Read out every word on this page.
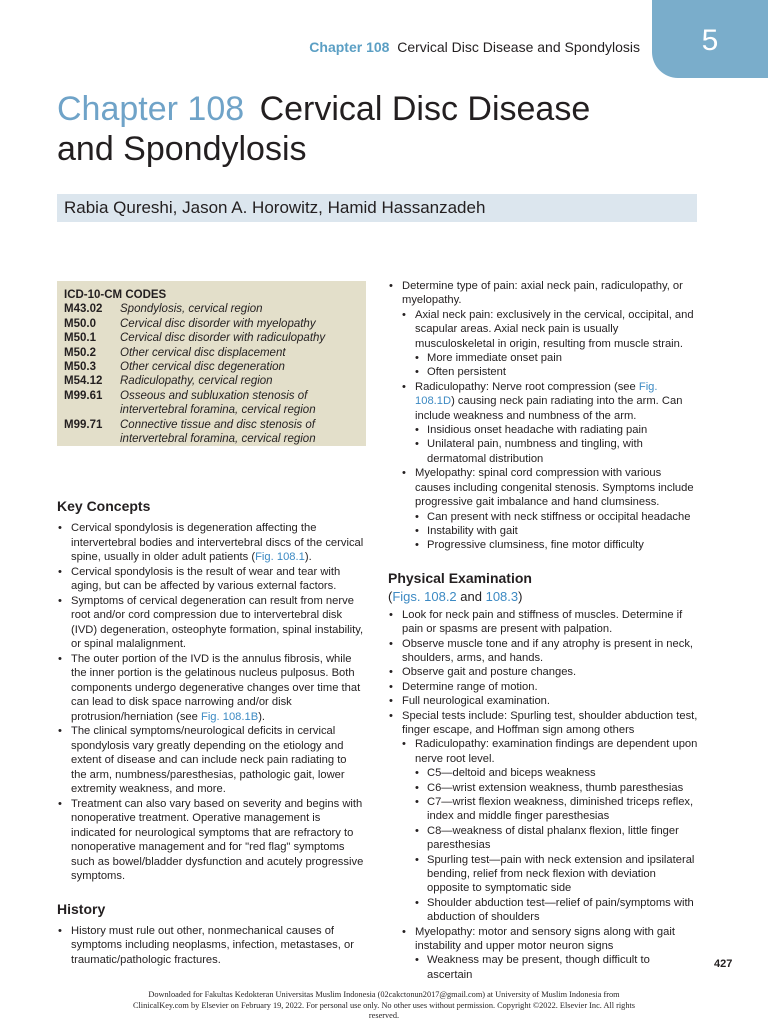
Chapter 108 Cervical Disc Disease and Spondylosis	5
Chapter 108 Cervical Disc Disease
and Spondylosis
Rabia Qureshi, Jason A. Horowitz, Hamid Hassanzadeh
ICD-10-CM CODES
M43.02	Spondylosis, cervical region
M50.0	Cervical disc disorder with myelopathy
M50.1	Cervical disc disorder with radiculopathy
M50.2	Other cervical disc displacement
M50.3	Other cervical disc degeneration
M54.12	Radiculopathy, cervical region
M99.61	Osseous and subluxation stenosis of intervertebral foramina, cervical region
M99.71	Connective tissue and disc stenosis of intervertebral foramina, cervical region
Key Concepts
• Cervical spondylosis is degeneration affecting the intervertebral bodies and intervertebral discs of the cervical spine, usually in older adult patients (Fig. 108.1).
• Cervical spondylosis is the result of wear and tear with aging, but can be affected by various external factors.
• Symptoms of cervical degeneration can result from nerve root and/or cord compression due to intervertebral disk (IVD) degeneration, osteophyte formation, spinal instability, or spinal malalignment.
• The outer portion of the IVD is the annulus fibrosis, while the inner portion is the gelatinous nucleus pulposus. Both components undergo degenerative changes over time that can lead to disk space narrowing and/or disk protrusion/herniation (see Fig. 108.1B).
• The clinical symptoms/neurological deficits in cervical spondylosis vary greatly depending on the etiology and extent of disease and can include neck pain radiating to the arm, numbness/paresthesias, pathologic gait, lower extremity weakness, and more.
• Treatment can also vary based on severity and begins with nonoperative treatment. Operative management is indicated for neurological symptoms that are refractory to nonoperative management and for "red flag" symptoms such as bowel/bladder dysfunction and acutely progressive symptoms.
History
• History must rule out other, nonmechanical causes of symptoms including neoplasms, infection, metastases, or traumatic/pathologic fractures.
• Determine type of pain: axial neck pain, radiculopathy, or myelopathy.
• Axial neck pain: exclusively in the cervical, occipital, and scapular areas. Axial neck pain is usually musculoskeletal in origin, resulting from muscle strain.
• More immediate onset pain
• Often persistent
• Radiculopathy: Nerve root compression (see Fig. 108.1D) causing neck pain radiating into the arm. Can include weakness and numbness of the arm.
• Insidious onset headache with radiating pain
• Unilateral pain, numbness and tingling, with dermatomal distribution
• Myelopathy: spinal cord compression with various causes including congenital stenosis. Symptoms include progressive gait imbalance and hand clumsiness.
• Can present with neck stiffness or occipital headache
• Instability with gait
• Progressive clumsiness, fine motor difficulty
Physical Examination
(Figs. 108.2 and 108.3)
• Look for neck pain and stiffness of muscles. Determine if pain or spasms are present with palpation.
• Observe muscle tone and if any atrophy is present in neck, shoulders, arms, and hands.
• Observe gait and posture changes.
• Determine range of motion.
• Full neurological examination.
• Special tests include: Spurling test, shoulder abduction test, finger escape, and Hoffman sign among others
• Radiculopathy: examination findings are dependent upon nerve root level.
• C5—deltoid and biceps weakness
• C6—wrist extension weakness, thumb paresthesias
• C7—wrist flexion weakness, diminished triceps reflex, index and middle finger paresthesias
• C8—weakness of distal phalanx flexion, little finger paresthesias
• Spurling test—pain with neck extension and ipsilateral bending, relief from neck flexion with deviation opposite to symptomatic side
• Shoulder abduction test—relief of pain/symptoms with abduction of shoulders
• Myelopathy: motor and sensory signs along with gait instability and upper motor neuron signs
• Weakness may be present, though difficult to ascertain
427
Downloaded for Fakultas Kedokteran Universitas Muslim Indonesia (02cakctonun2017@gmail.com) at University of Muslim Indonesia from
ClinicalKey.com by Elsevier on February 19, 2022. For personal use only. No other uses without permission. Copyright ©2022. Elsevier Inc. All rights
reserved.
